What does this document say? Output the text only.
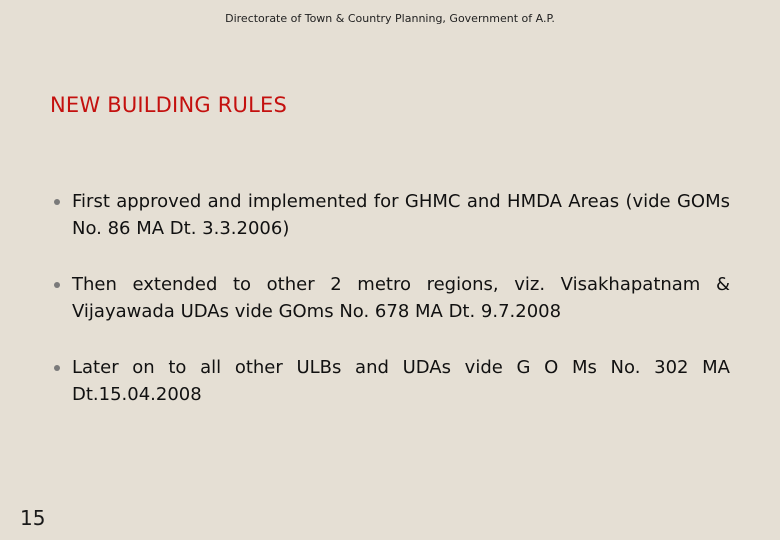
Directorate of Town & Country Planning, Government of A.P.
NEW BUILDING RULES
First approved and implemented for GHMC and HMDA Areas (vide GOMs No. 86 MA Dt. 3.3.2006)
Then extended to other 2 metro regions, viz. Visakhapatnam & Vijayawada UDAs vide GOms No. 678 MA Dt. 9.7.2008
Later on to all other ULBs and UDAs vide G O Ms No. 302 MA Dt.15.04.2008
15
